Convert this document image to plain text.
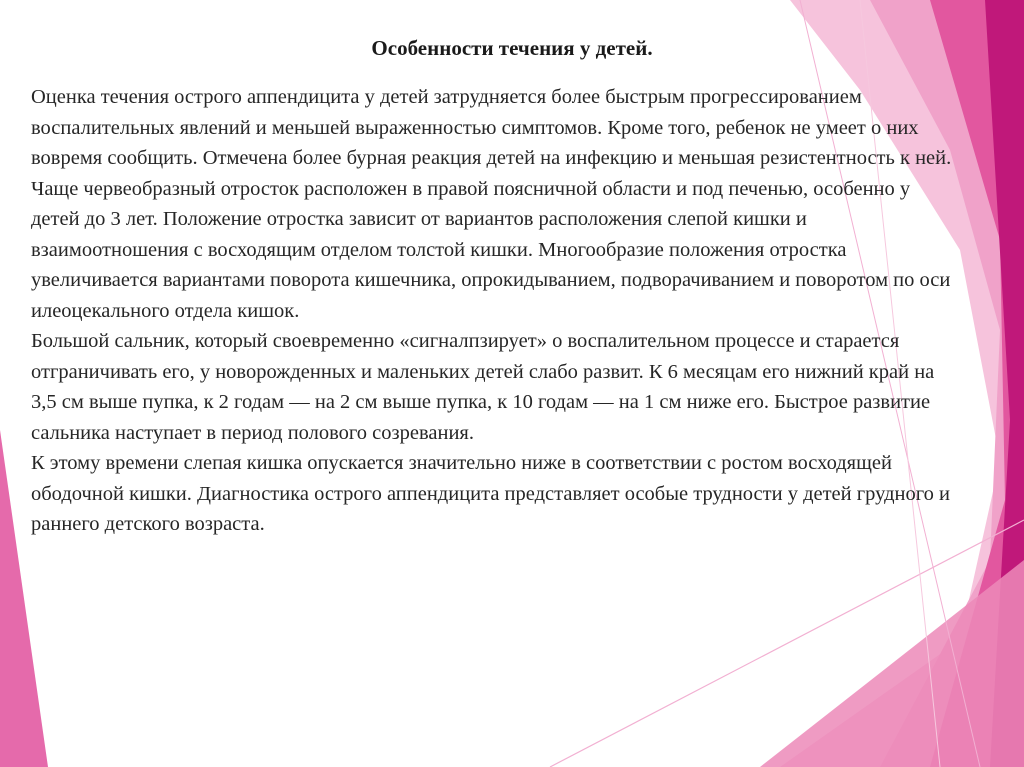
Особенности течения у детей.

Оценка течения острого аппендицита у детей затрудняется более быстрым прогрессированием воспалительных явлений и меньшей выраженностью симптомов. Кроме того, ребенок не умеет о них вовремя сообщить. Отмечена более бурная реакция детей на инфекцию и меньшая резистентность к ней.

Чаще червеобразный отросток расположен в правой поясничной области и под печенью, особенно у детей до 3 лет. Положение отростка зависит от вариантов расположения слепой кишки и взаимоотношения с восходящим отделом толстой кишки. Многообразие положения отростка увеличивается вариантами поворота кишечника, опрокидыванием, подворачиванием и поворотом по оси илеоцекального отдела кишок.

Большой сальник, который своевременно «сигналпзирует» о воспалительном процессе и старается отграничивать его, у новорожденных и маленьких детей слабо развит. К 6 месяцам его нижний край на 3,5 см выше пупка, к 2 годам — на 2 см выше пупка, к 10 годам — на 1 см ниже его. Быстрое развитие сальника наступает в период полового созревания.

К этому времени слепая кишка опускается значительно ниже в соответствии с ростом восходящей ободочной кишки. Диагностика острого аппендицита представляет особые трудности у детей грудного и раннего детского возраста.
